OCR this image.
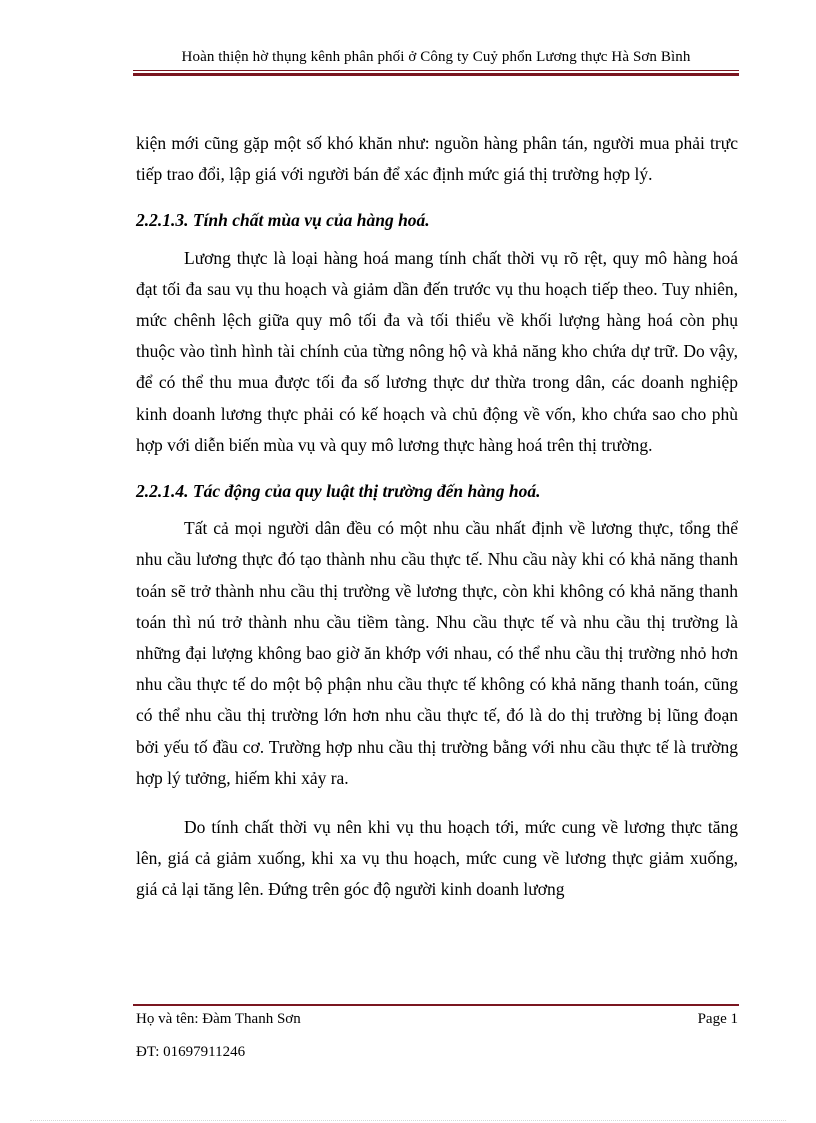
Hoàn thiện hờ thụng kênh phân phối ở Công ty Cuỷ phổn Lương thực Hà Sơn Bình

kiện mới cũng gặp một số khó khăn như: nguồn hàng phân tán, người mua phải trực tiếp trao đổi, lập giá với người bán để xác định mức giá thị trường hợp lý.

2.2.1.3. Tính chất mùa vụ của hàng hoá.

Lương thực là loại hàng hoá mang tính chất thời vụ rõ rệt, quy mô hàng hoá đạt tối đa sau vụ thu hoạch và giảm dần đến trước vụ thu hoạch tiếp theo. Tuy nhiên, mức chênh lệch giữa quy mô tối đa và tối thiểu về khối lượng hàng hoá còn phụ thuộc vào tình hình tài chính của từng nông hộ và khả năng kho chứa dự trữ. Do vậy, để có thể thu mua được tối đa số lương thực dư thừa trong dân, các doanh nghiệp kinh doanh lương thực phải có kế hoạch và chủ động về vốn, kho chứa sao cho phù hợp với diễn biến mùa vụ và quy mô lương thực hàng hoá trên thị trường.

2.2.1.4. Tác động của quy luật thị trường đến hàng hoá.

Tất cả mọi người dân đều có một nhu cầu nhất định về lương thực, tổng thể nhu cầu lương thực đó tạo thành nhu cầu thực tế. Nhu cầu này khi có khả năng thanh toán sẽ trở thành nhu cầu thị trường về lương thực, còn khi không có khả năng thanh toán thì nú trở thành nhu cầu tiềm tàng. Nhu cầu thực tế và nhu cầu thị trường là những đại lượng không bao giờ ăn khớp với nhau, có thể nhu cầu thị trường nhỏ hơn nhu cầu thực tế do một bộ phận nhu cầu thực tế không có khả năng thanh toán, cũng có thể nhu cầu thị trường lớn hơn nhu cầu thực tế, đó là do thị trường bị lũng đoạn bởi yếu tố đầu cơ. Trường hợp nhu cầu thị trường bằng với nhu cầu thực tế là trường hợp lý tưởng, hiếm khi xảy ra.

Do tính chất thời vụ nên khi vụ thu hoạch tới, mức cung về lương thực tăng lên, giá cả giảm xuống, khi xa vụ thu hoạch, mức cung về lương thực giảm xuống, giá cả lại tăng lên. Đứng trên góc độ người kinh doanh lương

Họ và tên: Đàm Thanh Sơn	Page 1
ĐT: 01697911246
